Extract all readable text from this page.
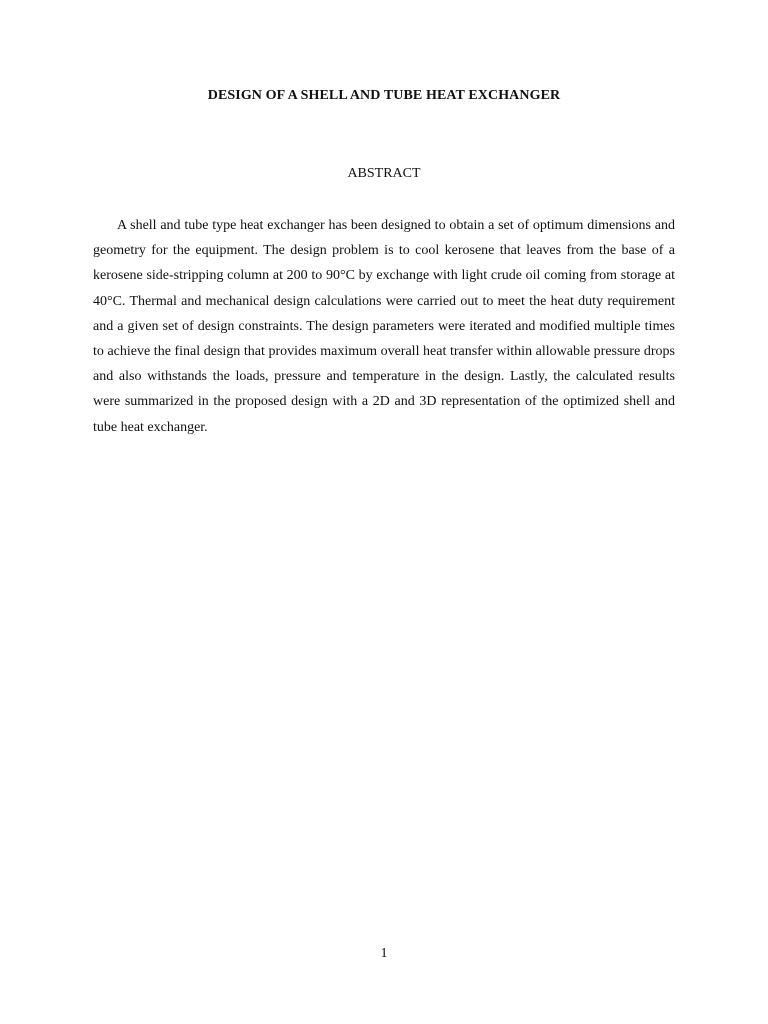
DESIGN OF A SHELL AND TUBE HEAT EXCHANGER
ABSTRACT

A shell and tube type heat exchanger has been designed to obtain a set of optimum dimensions and geometry for the equipment. The design problem is to cool kerosene that leaves from the base of a kerosene side-stripping column at 200 to 90°C by exchange with light crude oil coming from storage at 40°C. Thermal and mechanical design calculations were carried out to meet the heat duty requirement and a given set of design constraints. The design parameters were iterated and modified multiple times to achieve the final design that provides maximum overall heat transfer within allowable pressure drops and also withstands the loads, pressure and temperature in the design. Lastly, the calculated results were summarized in the proposed design with a 2D and 3D representation of the optimized shell and tube heat exchanger.

1
